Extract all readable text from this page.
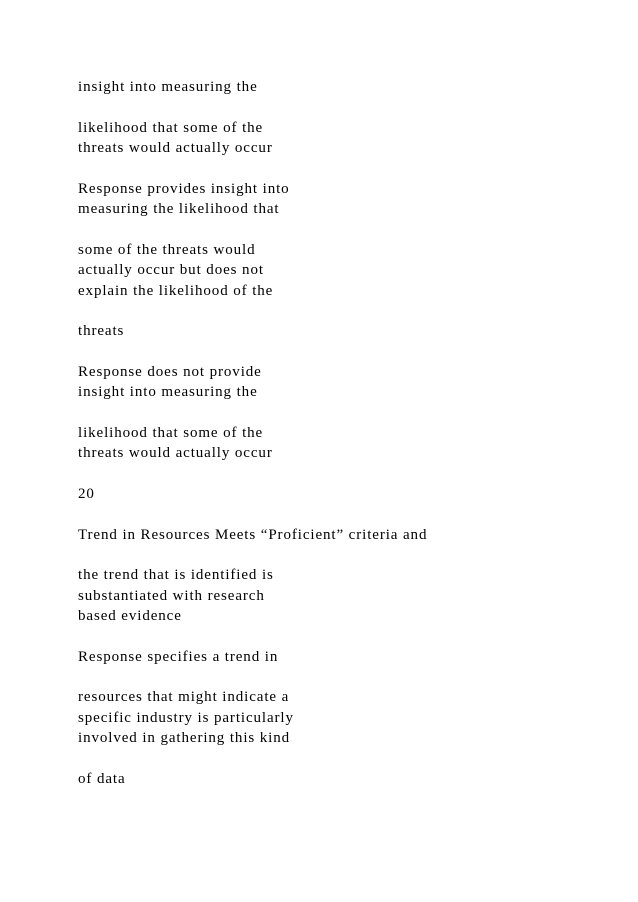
insight into measuring the

likelihood that some of the

threats would actually occur

Response provides insight into

measuring the likelihood that

some of the threats would

actually occur but does not

explain the likelihood of the

threats

Response does not provide

insight into measuring the

likelihood that some of the

threats would actually occur

20

Trend in Resources Meets “Proficient” criteria and

the trend that is identified is

substantiated with research

based evidence

Response specifies a trend in

resources that might indicate a

specific industry is particularly

involved in gathering this kind

of data
